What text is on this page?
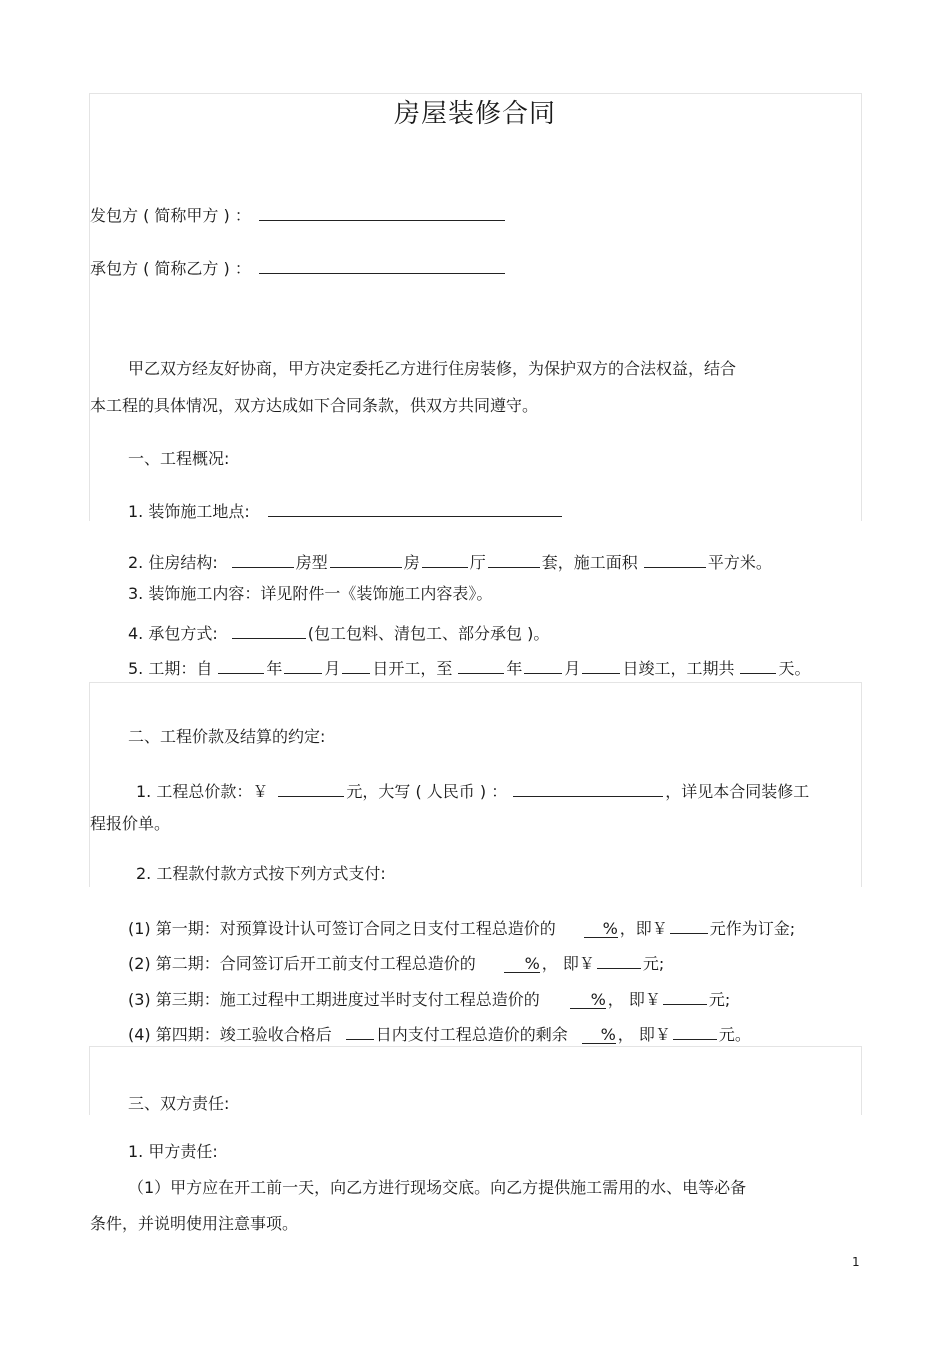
房屋装修合同
发包方 ( 简称甲方 ) ：
承包方 ( 简称乙方 ) ：
甲乙双方经友好协商，甲方决定委托乙方进行住房装修，为保护双方的合法权益，结合
本工程的具体情况，双方达成如下合同条款，供双方共同遵守。
一、工程概况:
1. 装饰施工地点:
2. 住房结构:	房型	房	厅	套，施工面积	平方米。
3. 装饰施工内容：详见附件一《装饰施工内容表》。
4. 承包方式:	(包工包料、清包工、部分承包 )。
5. 工期：自	年	月 日开工，至	年	月	日竣工，工期共	天。
二、工程价款及结算的约定:
1. 工程总价款：￥	元，大写 ( 人民币 ) ：	，详见本合同装修工
程报价单。
2. 工程款付款方式按下列方式支付:
(1) 第一期：对预算设计认可签订合同之日支付工程总造价的	% ，即￥	元作为订金;
(2) 第二期：合同签订后开工前支付工程总造价的	% ， 即￥	元;
(3) 第三期：施工过程中工期进度过半时支付工程总造价的	% ， 即￥	元;
(4) 第四期：竣工验收合格后	日内支付工程总造价的剩余 % ， 即￥	元。
三、双方责任:
1. 甲方责任:
（1）甲方应在开工前一天，向乙方进行现场交底。向乙方提供施工需用的水、电等必备
条件，并说明使用注意事项。
1
